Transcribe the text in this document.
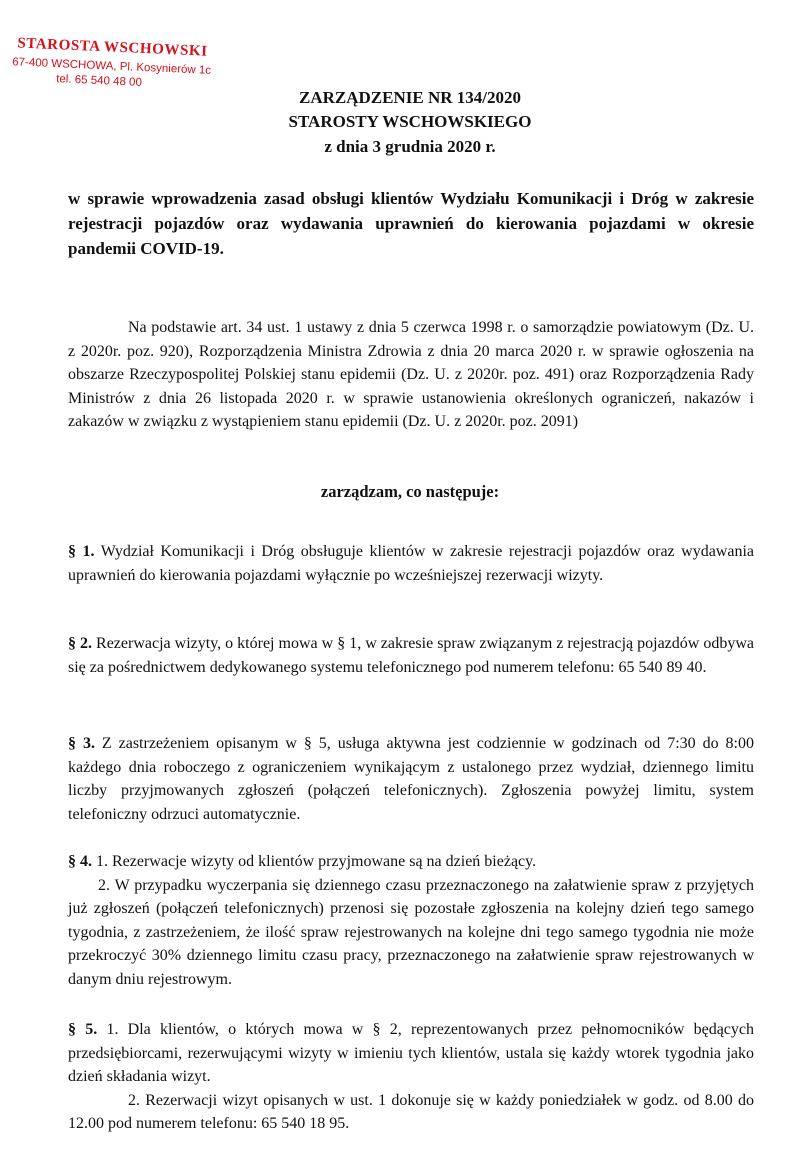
STAROSTA WSCHOWSKI
67-400 WSCHOWA, Pl. Kosynierów 1c
tel. 65 540 48 00
ZARZĄDZENIE NR 134/2020
STAROSTY WSCHOWSKIEGO
z dnia 3 grudnia 2020 r.
w sprawie wprowadzenia zasad obsługi klientów Wydziału Komunikacji i Dróg w zakresie rejestracji pojazdów oraz wydawania uprawnień do kierowania pojazdami w okresie pandemii COVID-19.
Na podstawie art. 34 ust. 1 ustawy z dnia 5 czerwca 1998 r. o samorządzie powiatowym (Dz. U. z 2020r. poz. 920), Rozporządzenia Ministra Zdrowia z dnia 20 marca 2020 r. w sprawie ogłoszenia na obszarze Rzeczypospolitej Polskiej stanu epidemii (Dz. U. z 2020r. poz. 491) oraz Rozporządzenia Rady Ministrów z dnia 26 listopada 2020 r. w sprawie ustanowienia określonych ograniczeń, nakazów i zakazów w związku z wystąpieniem stanu epidemii (Dz. U. z 2020r. poz. 2091)
zarządzam, co następuje:
§ 1. Wydział Komunikacji i Dróg obsługuje klientów w zakresie rejestracji pojazdów oraz wydawania uprawnień do kierowania pojazdami wyłącznie po wcześniejszej rezerwacji wizyty.
§ 2. Rezerwacja wizyty, o której mowa w § 1, w zakresie spraw związanym z rejestracją pojazdów odbywa się za pośrednictwem dedykowanego systemu telefonicznego pod numerem telefonu: 65 540 89 40.
§ 3. Z zastrzeżeniem opisanym w § 5, usługa aktywna jest codziennie w godzinach od 7:30 do 8:00 każdego dnia roboczego z ograniczeniem wynikającym z ustalonego przez wydział, dziennego limitu liczby przyjmowanych zgłoszeń (połączeń telefonicznych). Zgłoszenia powyżej limitu, system telefoniczny odrzuci automatycznie.
§ 4. 1. Rezerwacje wizyty od klientów przyjmowane są na dzień bieżący.
2. W przypadku wyczerpania się dziennego czasu przeznaczonego na załatwienie spraw z przyjętych już zgłoszeń (połączeń telefonicznych) przenosi się pozostałe zgłoszenia na kolejny dzień tego samego tygodnia, z zastrzeżeniem, że ilość spraw rejestrowanych na kolejne dni tego samego tygodnia nie może przekroczyć 30% dziennego limitu czasu pracy, przeznaczonego na załatwienie spraw rejestrowanych w danym dniu rejestrowym.
§ 5. 1. Dla klientów, o których mowa w § 2, reprezentowanych przez pełnomocników będących przedsiębiorcami, rezerwującymi wizyty w imieniu tych klientów, ustala się każdy wtorek tygodnia jako dzień składania wizyt.
2. Rezerwacji wizyt opisanych w ust. 1 dokonuje się w każdy poniedziałek w godz. od 8.00 do 12.00 pod numerem telefonu: 65 540 18 95.
